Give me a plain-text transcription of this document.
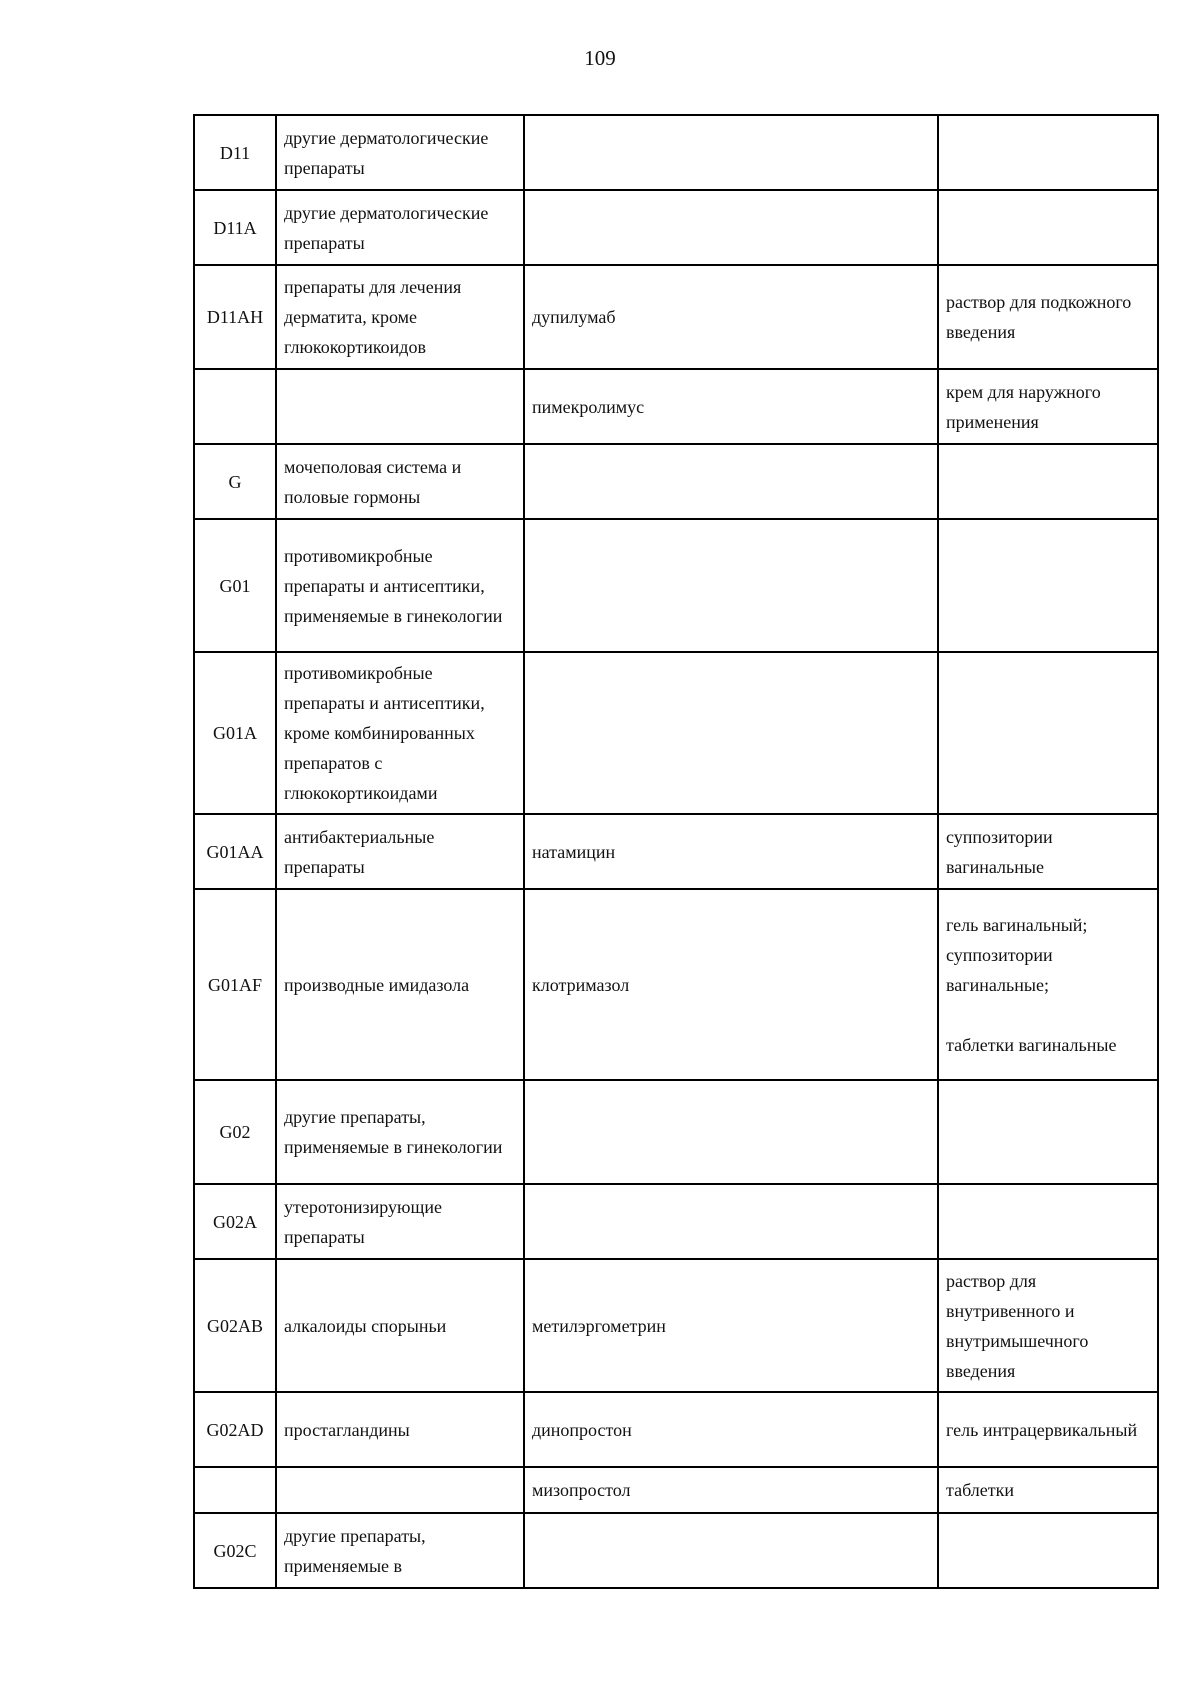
109
D11	другие дерматологические препараты		
D11A	другие дерматологические препараты		
D11AH	препараты для лечения дерматита, кроме глюкокортикоидов	дупилумаб	раствор для подкожного введения

		пимекролимус	крем для наружного применения

G	мочеполовая система и половые гормоны		
G01	противомикробные препараты и антисептики, применяемые в гинекологии		
G01A	противомикробные препараты и антисептики, кроме комбинированных препаратов с глюкокортикоидами		
G01AA	антибактериальные препараты	натамицин	суппозитории вагинальные

G01AF	производные имидазола	клотримазол	гель вагинальный;
суппозитории вагинальные;
таблетки вагинальные

G02	другие препараты, применяемые в гинекологии		
G02A	утеротонизирующие препараты		
G02AB	алкалоиды спорыньи	метилэргометрин	раствор для внутривенного и внутримышечного введения

G02AD	простагландины	динопростон	гель интрацервикальный

		мизопростол	таблетки

G02C	другие препараты, применяемые в		
